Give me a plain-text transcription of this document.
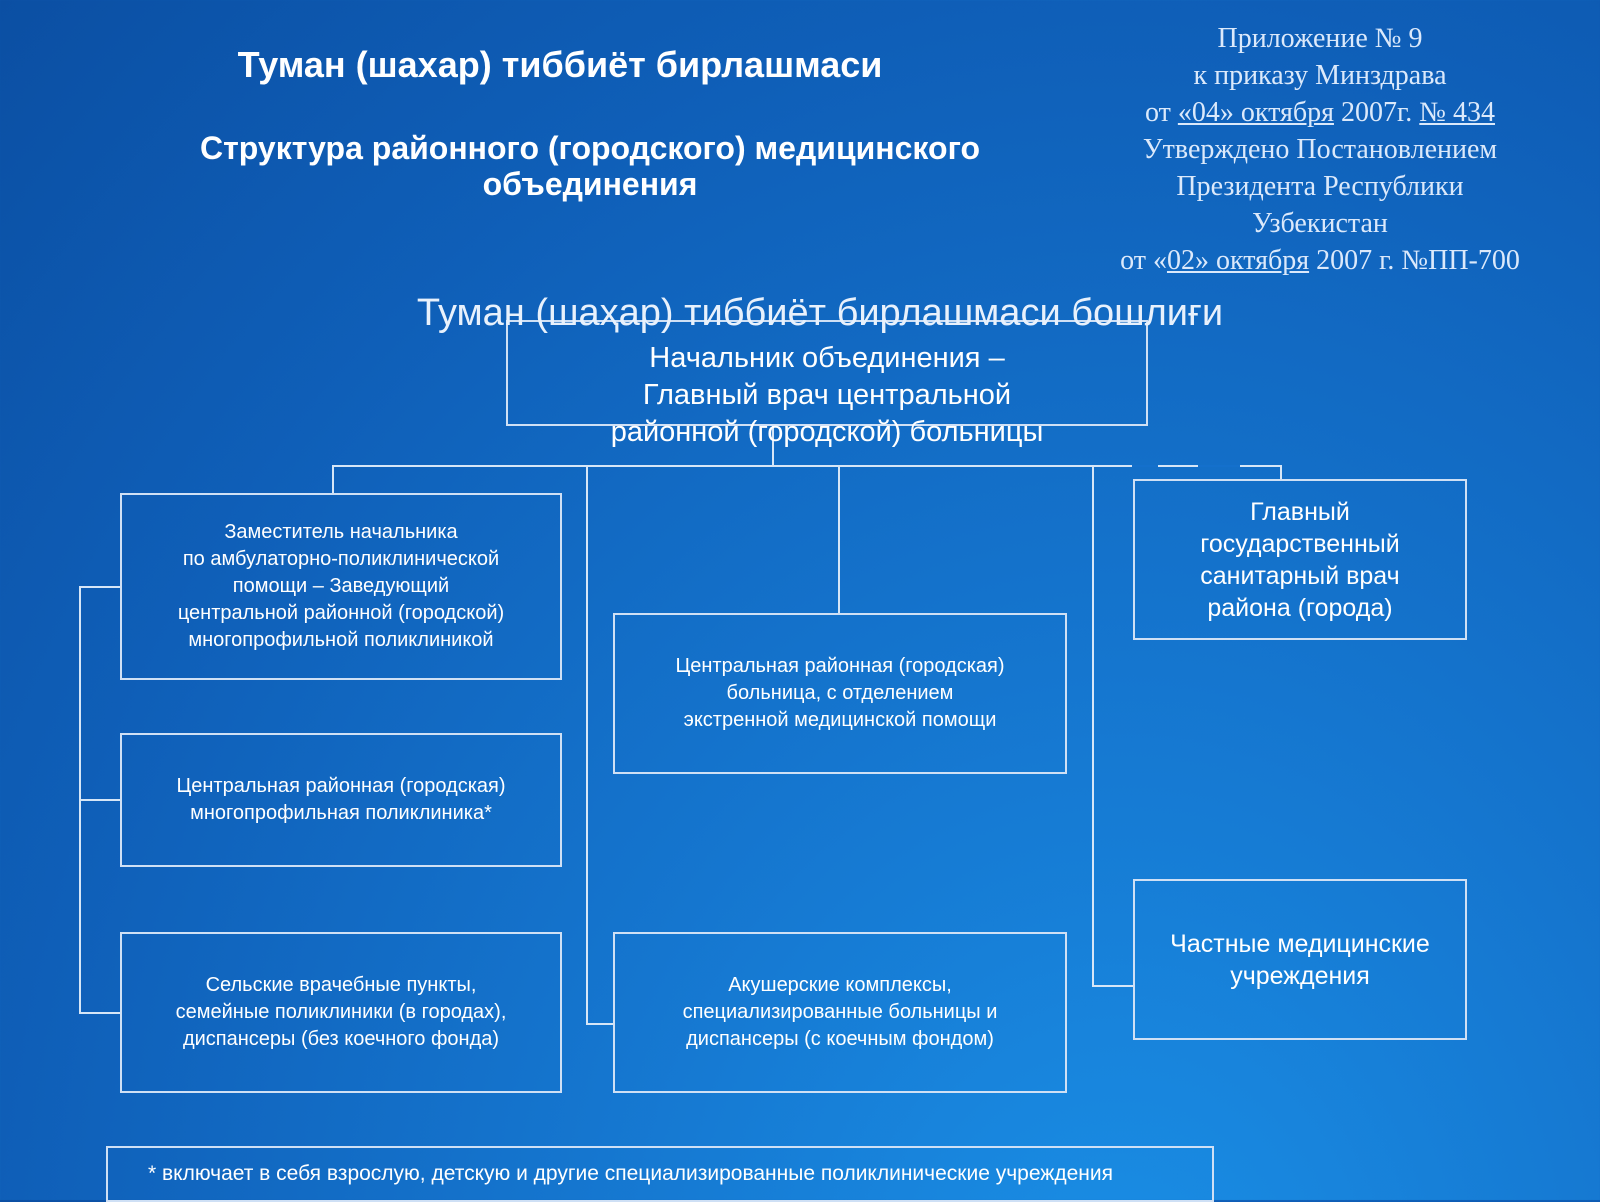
Туман (шахар) тиббиёт бирлашмаси
Структура районного (городского) медицинского
объединения
Приложение № 9
к приказу Минздрава
от «04» октября 2007г. № 434
Утверждено Постановлением
Президента Республики
Узбекистан
от «02» октября 2007 г. №ПП-700
Начальник объединения –
Главный врач центральной
районной (городской) больницы
Туман (шаҳар) тиббиёт бирлашмаси бошлиғи
Заместитель начальника
по амбулаторно-поликлинической
помощи – Заведующий
центральной районной (городской)
многопрофильной поликлиникой
Центральная районная (городская)
многопрофильная поликлиника*
Сельские врачебные пункты,
семейные поликлиники (в городах),
диспансеры (без коечного фонда)
Центральная районная (городская)
больница, с отделением
экстренной медицинской помощи
Акушерские комплексы,
специализированные больницы и
диспансеры (с коечным фондом)
Главный
государственный
санитарный врач
района (города)
Частные медицинские
учреждения
* включает в себя взрослую, детскую и другие специализированные поликлинические учреждения
